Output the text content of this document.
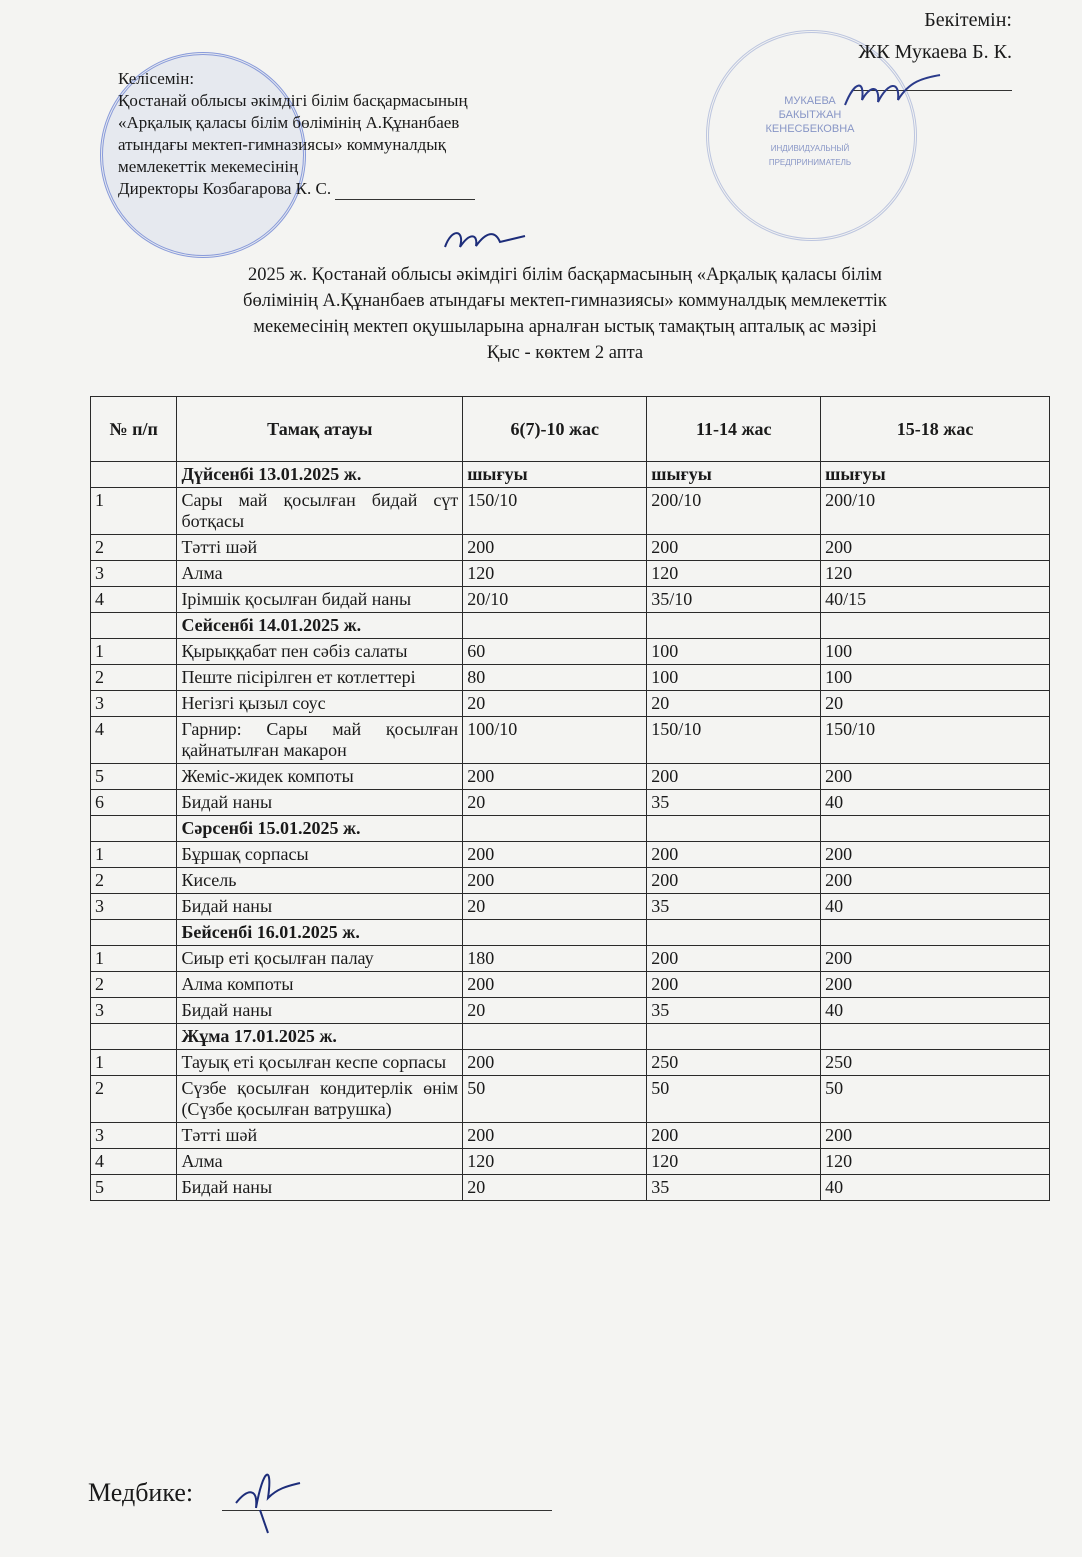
МУКАЕВА
БАКЫТЖАН
КЕНЕСБЕКОВНА
ИНДИВИДУАЛЬНЫЙ
ПРЕДПРИНИМАТЕЛЬ
Бекітемін:
ЖК Мукаева Б. К.
Келісемін:
Қостанай облысы әкімдігі білім басқармасының
«Арқалық қаласы білім бөлімінің А.Құнанбаев
атындағы мектеп-гимназиясы» коммуналдық
мемлекеттік мекемесінің
Директоры Козбагарова К. С.
2025 ж. Қостанай облысы әкімдігі білім басқармасының «Арқалық қаласы білім
бөлімінің А.Құнанбаев атындағы мектеп-гимназиясы» коммуналдық мемлекеттік
мекемесінің мектеп оқушыларына арналған ыстық тамақтың апталық ас мәзірі
Қыс - көктем 2 апта
№ п/п	Тамақ атауы	6(7)-10 жас	11-14 жас	15-18 жас
	Дүйсенбі 13.01.2025 ж.	шығуы	шығуы	шығуы
1	Сары май қосылған бидай сүт ботқасы	150/10	200/10	200/10
2	Тәтті шәй	200	200	200
3	Алма	120	120	120
4	Ірімшік қосылған бидай наны	20/10	35/10	40/15
	Сейсенбі 14.01.2025 ж.			
1	Қырыққабат пен сәбіз салаты	60	100	100
2	Пеште пісірілген ет котлеттері	80	100	100
3	Негізгі қызыл соус	20	20	20
4	Гарнир: Сары май қосылған қайнатылған макарон	100/10	150/10	150/10
5	Жеміс-жидек компоты	200	200	200
6	Бидай наны	20	35	40
	Сәрсенбі 15.01.2025 ж.			
1	Бұршақ сорпасы	200	200	200
2	Кисель	200	200	200
3	Бидай наны	20	35	40
	Бейсенбі 16.01.2025 ж.			
1	Сиыр еті қосылған палау	180	200	200
2	Алма компоты	200	200	200
3	Бидай наны	20	35	40
	Жұма 17.01.2025 ж.			
1	Тауық еті қосылған кеспе сорпасы	200	250	250
2	Сүзбе қосылған кондитерлік өнім (Сүзбе қосылған ватрушка)	50	50	50
3	Тәтті шәй	200	200	200
4	Алма	120	120	120
5	Бидай наны	20	35	40
Медбике:
